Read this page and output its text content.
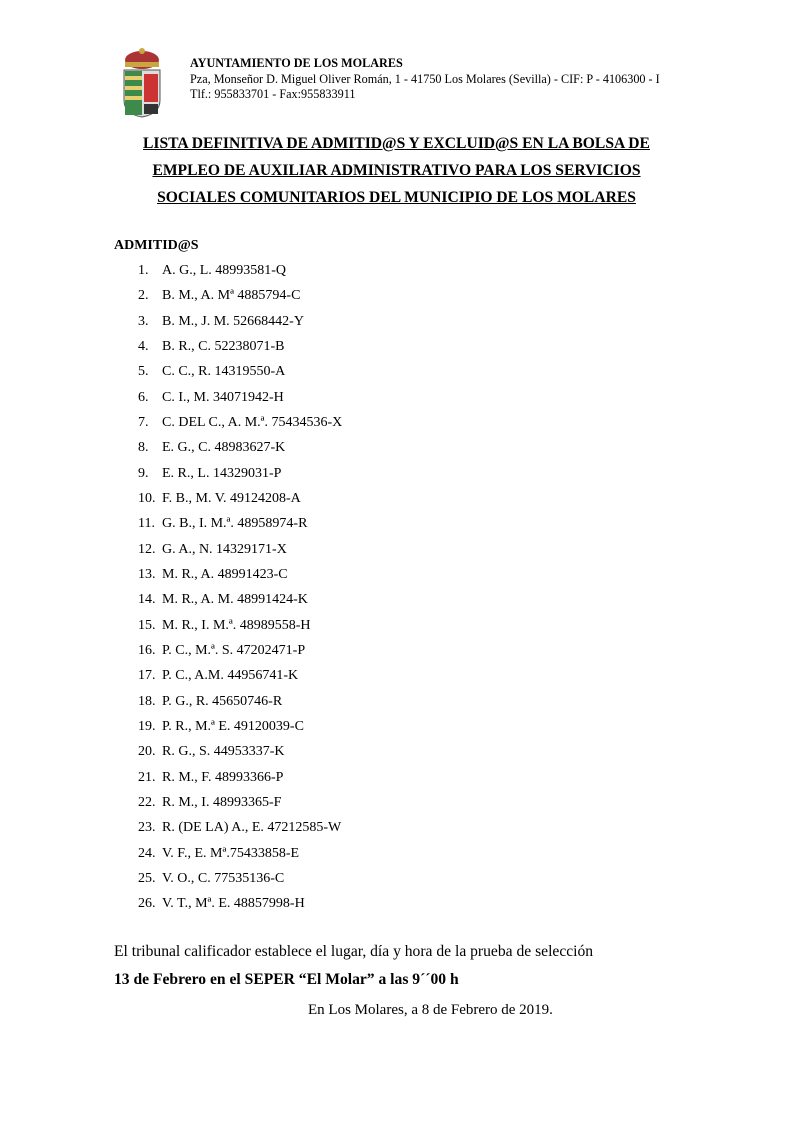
AYUNTAMIENTO DE LOS MOLARES
Pza, Monseñor D. Miguel Oliver Román, 1 - 41750 Los Molares (Sevilla) - CIF: P - 4106300 - I
Tlf.: 955833701 - Fax:955833911
LISTA DEFINITIVA DE ADMITID@S Y EXCLUID@S EN LA BOLSA DE
EMPLEO DE AUXILIAR ADMINISTRATIVO PARA LOS SERVICIOS
SOCIALES COMUNITARIOS DEL MUNICIPIO DE LOS MOLARES
ADMITID@S
1. A. G., L. 48993581-Q
2. B. M., A. Mª 4885794-C
3. B. M., J. M. 52668442-Y
4. B. R., C. 52238071-B
5. C. C., R. 14319550-A
6. C. I., M. 34071942-H
7. C. DEL C., A. M.ª. 75434536-X
8. E. G., C. 48983627-K
9. E. R., L. 14329031-P
10. F. B., M. V. 49124208-A
11. G. B., I. M.ª. 48958974-R
12. G. A., N. 14329171-X
13. M. R., A. 48991423-C
14. M. R., A. M. 48991424-K
15. M. R., I. M.ª. 48989558-H
16. P. C., M.ª. S. 47202471-P
17. P. C., A.M. 44956741-K
18. P. G., R. 45650746-R
19. P. R., M.ª E. 49120039-C
20. R. G., S. 44953337-K
21. R. M., F. 48993366-P
22. R. M., I. 48993365-F
23. R. (DE LA) A., E. 47212585-W
24. V. F., E. Mª.75433858-E
25. V. O., C. 77535136-C
26. V. T., Mª. E. 48857998-H
El tribunal calificador establece el lugar, día y hora de la prueba de selección
13 de Febrero en el SEPER “El Molar” a las 9´´00 h
En Los Molares, a 8 de Febrero de 2019.
